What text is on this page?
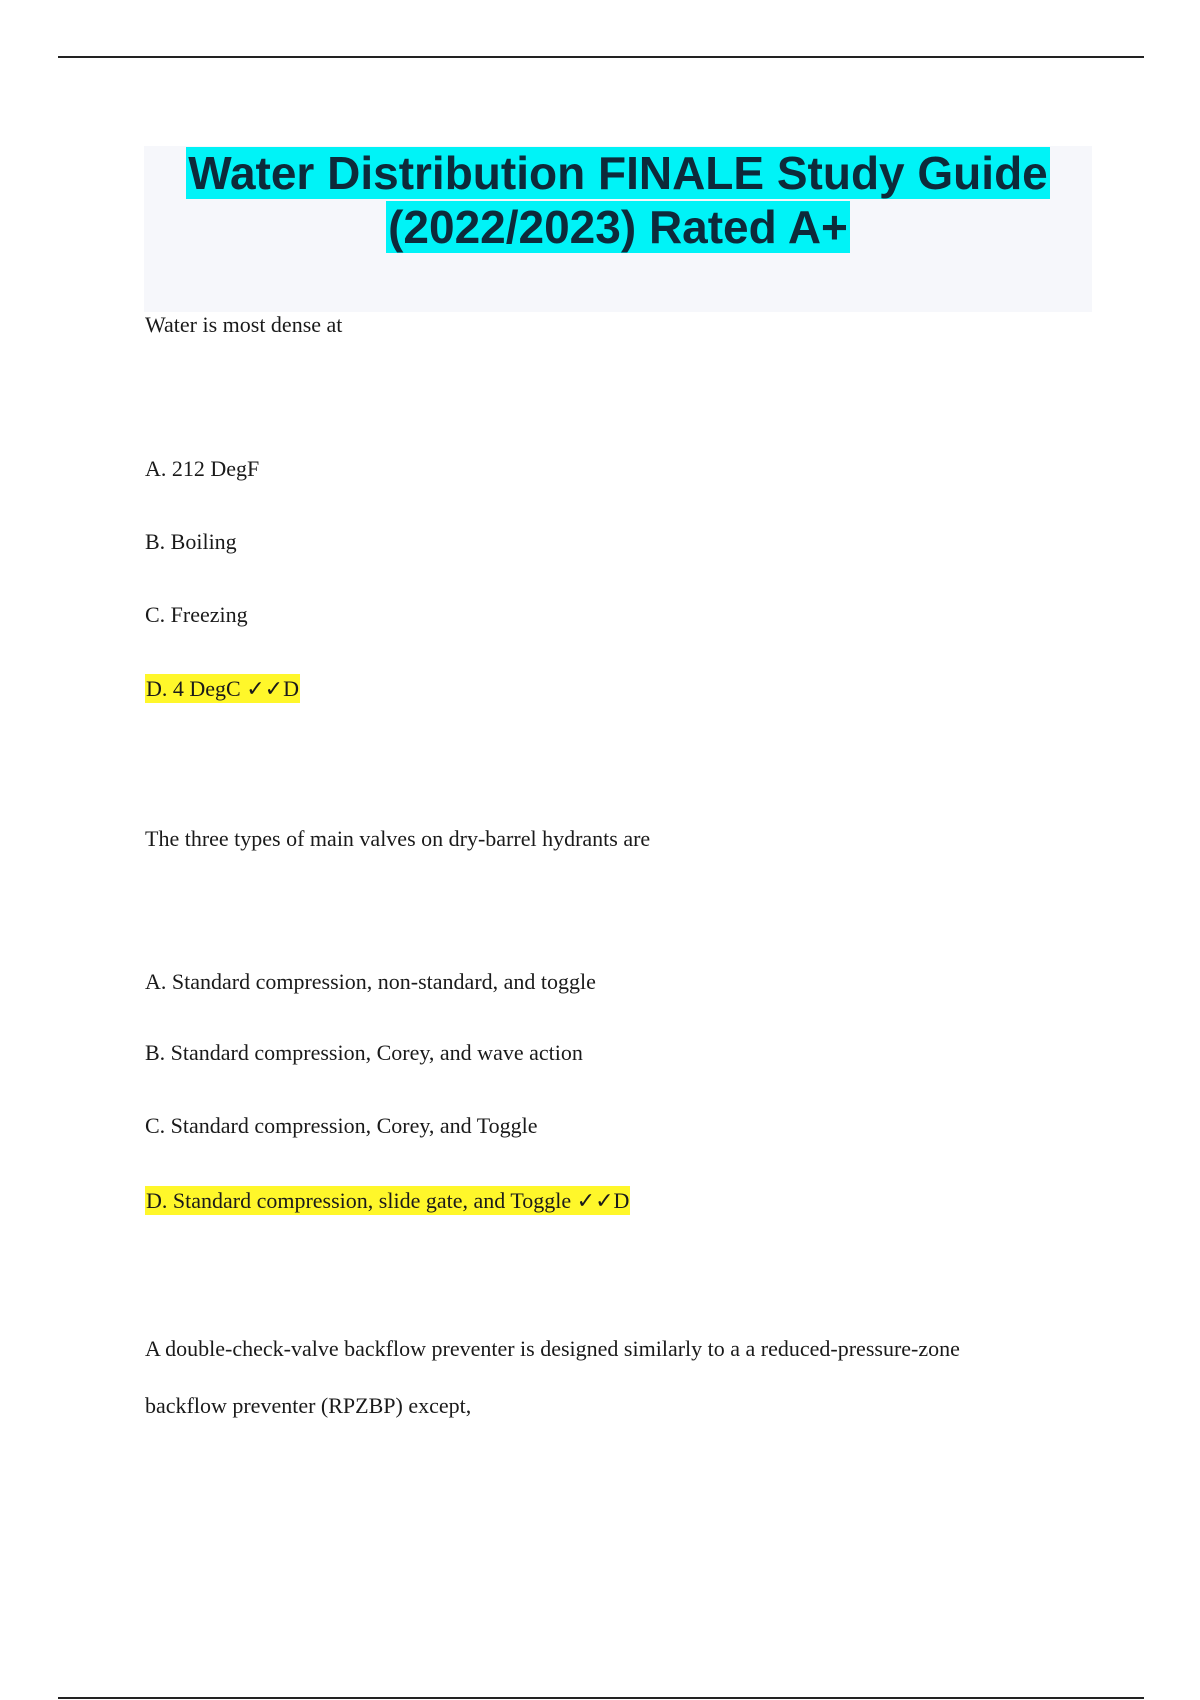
Water Distribution FINALE Study Guide
(2022/2023) Rated A+

Water is most dense at

A. 212 DegF

B. Boiling

C. Freezing

D. 4 DegC ✓✓D

The three types of main valves on dry-barrel hydrants are

A. Standard compression, non-standard, and toggle

B. Standard compression, Corey, and wave action

C. Standard compression, Corey, and Toggle

D. Standard compression, slide gate, and Toggle ✓✓D

A double-check-valve backflow preventer is designed similarly to a a reduced-pressure-zone

backflow preventer (RPZBP) except,
